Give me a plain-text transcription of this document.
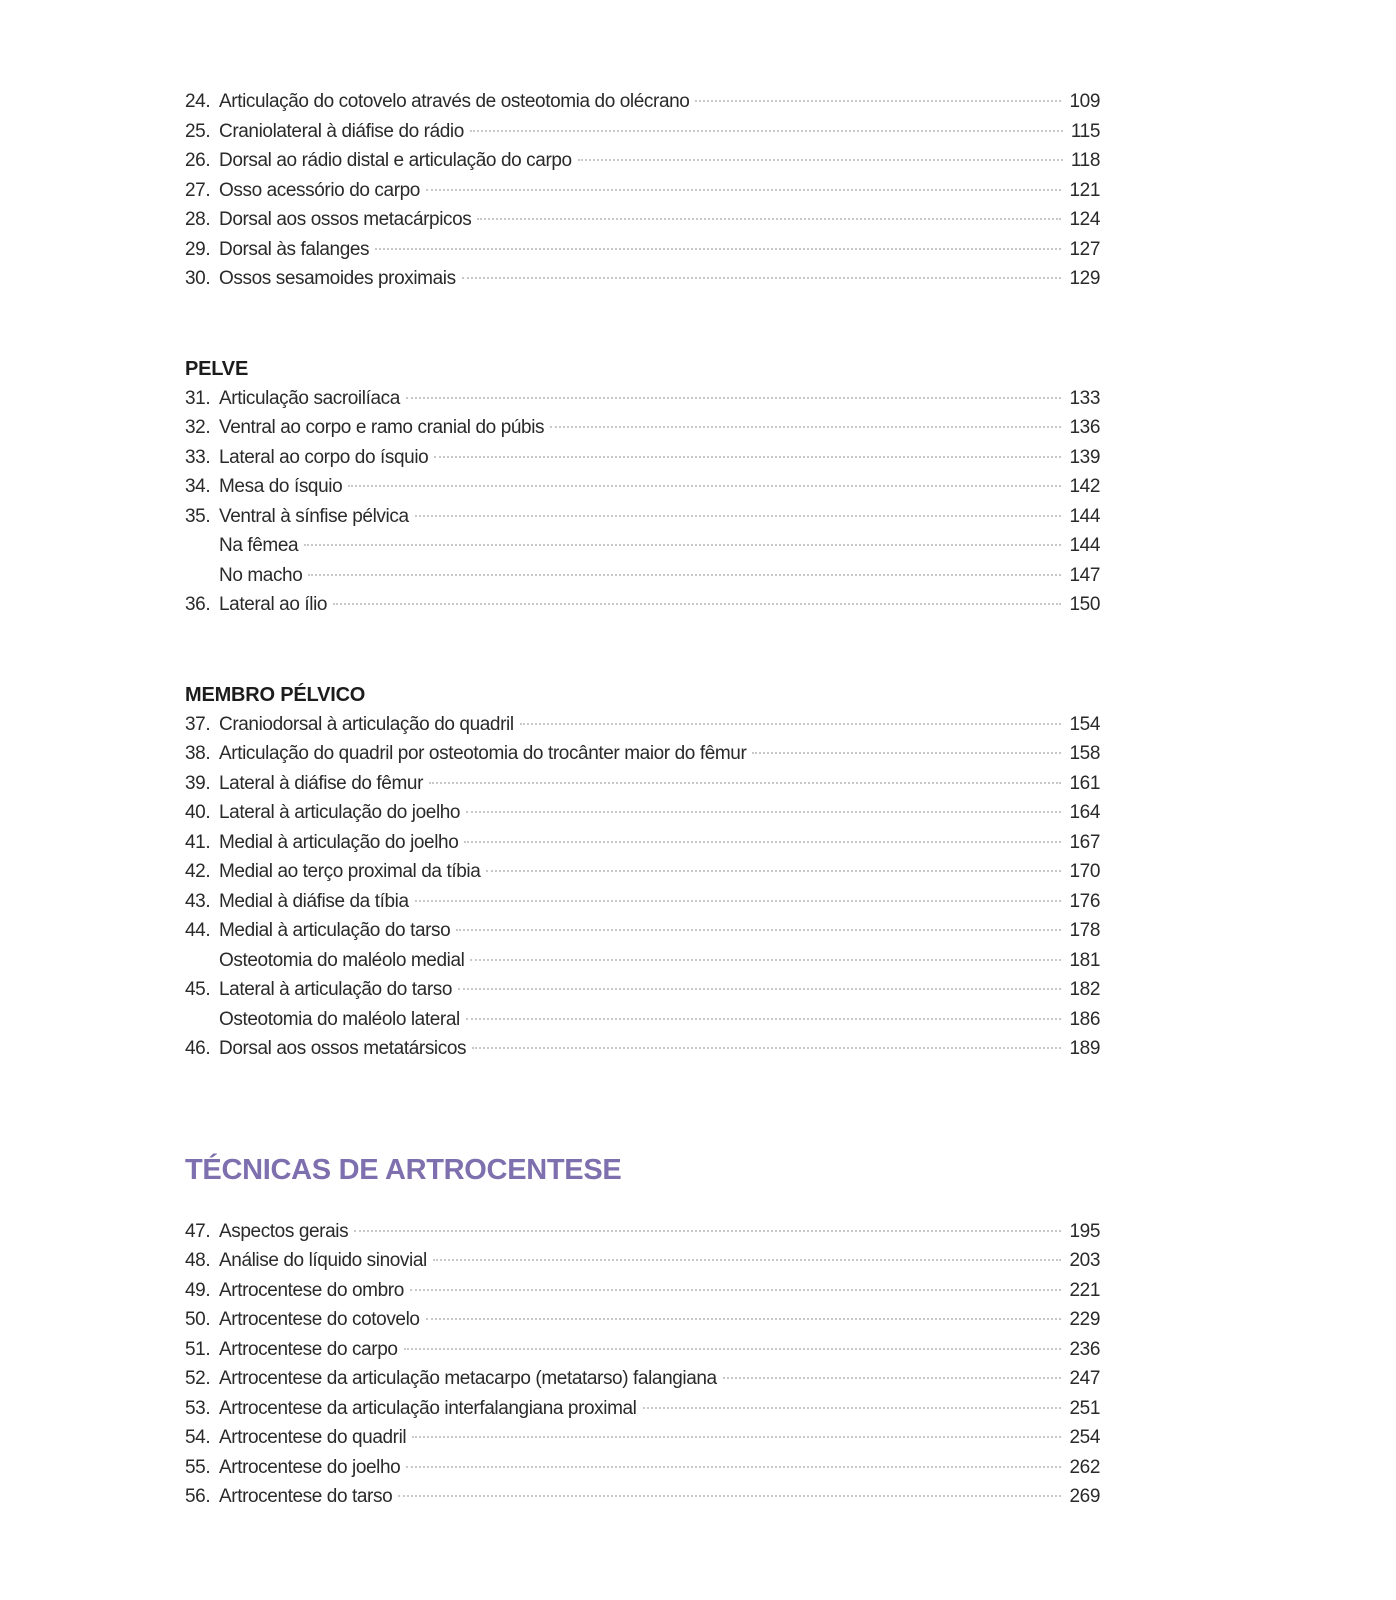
24. Articulação do cotovelo através de osteotomia do olécrano	109
25. Craniolateral à diáfise do rádio	115
26. Dorsal ao rádio distal e articulação do carpo	118
27. Osso acessório do carpo	121
28. Dorsal aos ossos metacárpicos	124
29. Dorsal às falanges	127
30. Ossos sesamoides proximais	129
PELVE
31. Articulação sacroilíaca	133
32. Ventral ao corpo e ramo cranial do púbis	136
33. Lateral ao corpo do ísquio	139
34. Mesa do ísquio	142
35. Ventral à sínfise pélvica	144
Na fêmea	144
No macho	147
36. Lateral ao ílio	150
MEMBRO PÉLVICO
37. Craniodorsal à articulação do quadril	154
38. Articulação do quadril por osteotomia do trocânter maior do fêmur	158
39. Lateral à diáfise do fêmur	161
40. Lateral à articulação do joelho	164
41. Medial à articulação do joelho	167
42. Medial ao terço proximal da tíbia	170
43. Medial à diáfise da tíbia	176
44. Medial à articulação do tarso	178
Osteotomia do maléolo medial	181
45. Lateral à articulação do tarso	182
Osteotomia do maléolo lateral	186
46. Dorsal aos ossos metatársicos	189
TÉCNICAS DE ARTROCENTESE
47. Aspectos gerais	195
48. Análise do líquido sinovial	203
49. Artrocentese do ombro	221
50. Artrocentese do cotovelo	229
51. Artrocentese do carpo	236
52. Artrocentese da articulação metacarpo (metatarso) falangiana	247
53. Artrocentese da articulação interfalangiana proximal	251
54. Artrocentese do quadril	254
55. Artrocentese do joelho	262
56. Artrocentese do tarso	269
